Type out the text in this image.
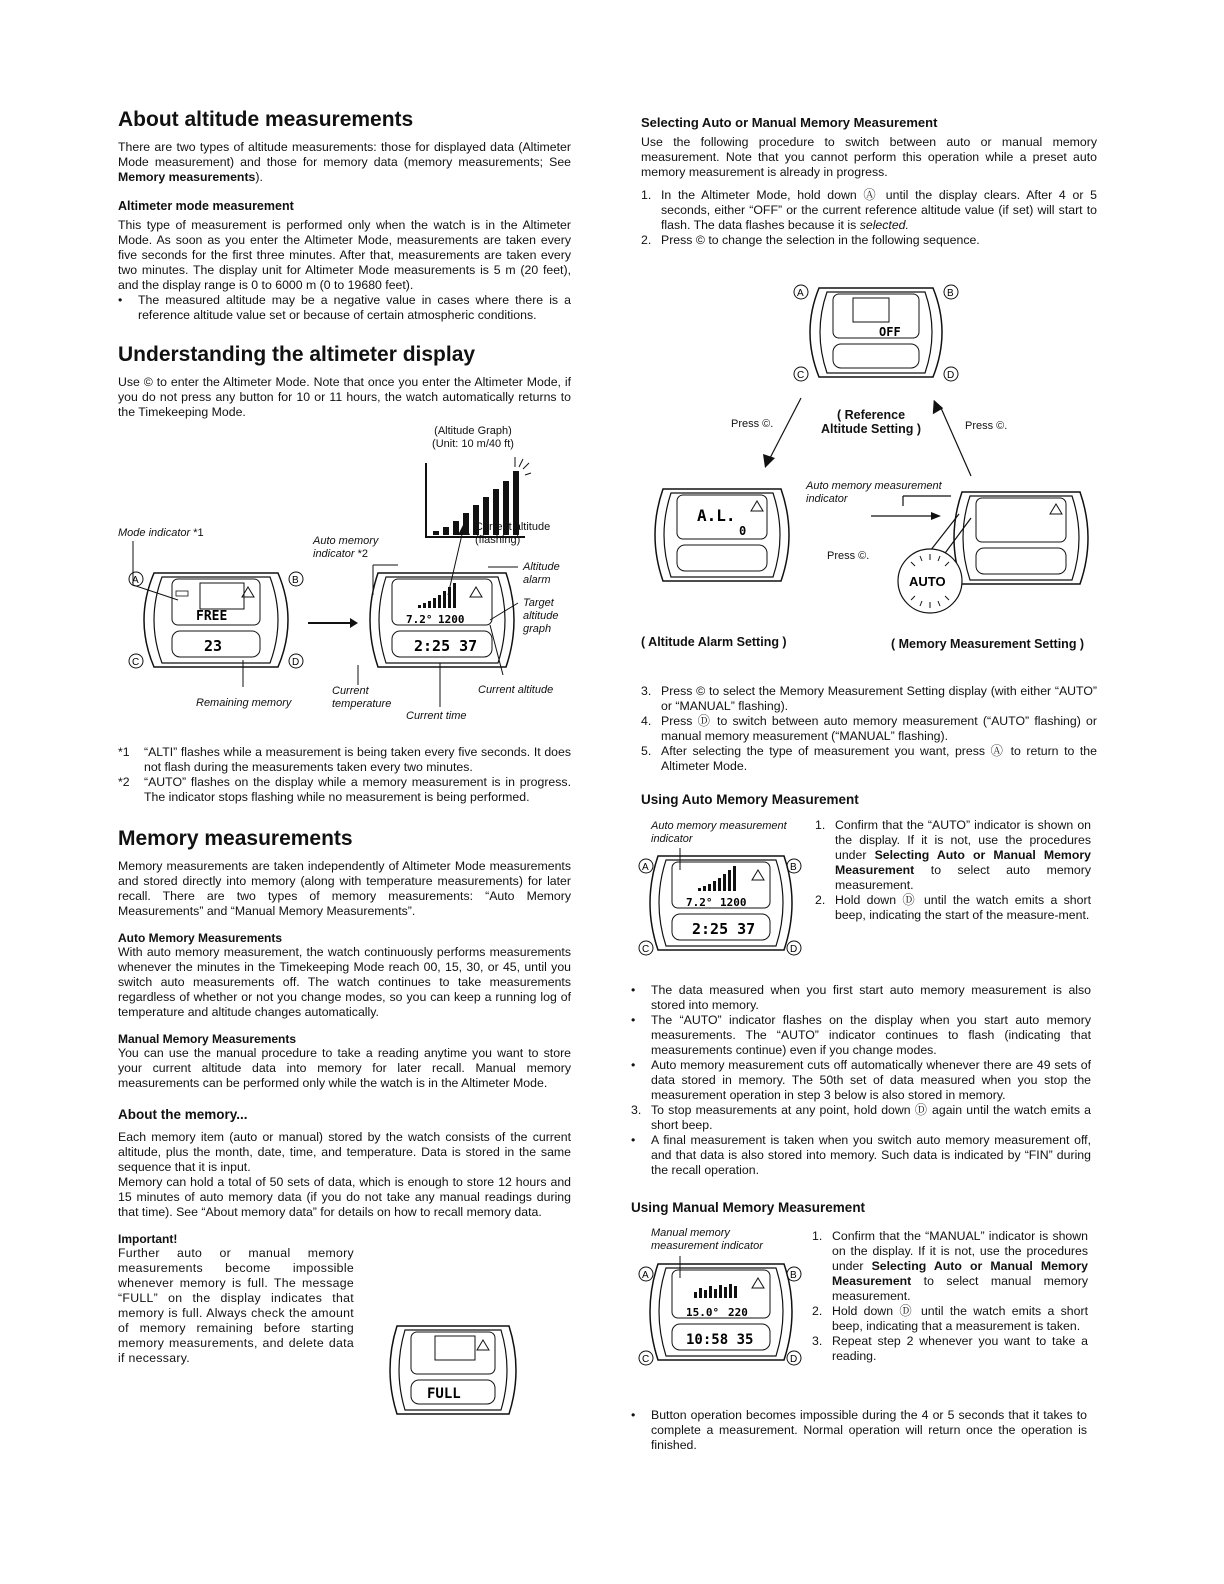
About altitude measurements

There are two types of altitude measurements: those for displayed data (Altimeter Mode measurement) and those for memory data (memory measurements; See Memory measurements).

Altimeter mode measurement

This type of measurement is performed only when the watch is in the Altimeter Mode. As soon as you enter the Altimeter Mode, measurements are taken every five seconds for the first three minutes. After that, measurements are taken every two minutes. The display unit for Altimeter Mode measurements is 5 m (20 feet), and the display range is 0 to 6000 m (0 to 19680 feet).

•	The measured altitude may be a negative value in cases where there is a reference altitude value set or because of certain atmospheric conditions.
Understanding the altimeter display

Use © to enter the Altimeter Mode. Note that once you enter the Altimeter Mode, if you do not press any button for 10 or 11 hours, the watch automatically returns to the Timekeeping Mode.

(Altitude Graph)
(Unit: 10 m/40 ft)
Mode indicator *1
Auto memory
indicator *2
Current altitude
(flashing)
Altitude
alarm
Target
altitude
graph
FREE
23
A	B
C	D
7.2° 1200
2:25 37
Remaining memory
Current
temperature
Current time
Current altitude
*1	“ALTI” flashes while a measurement is being taken every five seconds. It does not flash during the measurements taken every two minutes.
*2	“AUTO” flashes on the display while a memory measurement is in progress. The indicator stops flashing while no measurement is being performed.
Memory measurements

Memory measurements are taken independently of Altimeter Mode measurements and stored directly into memory (along with temperature measurements) for later recall. There are two types of memory measurements: “Auto Memory Measurements” and “Manual Memory Measurements”.

Auto Memory Measurements

With auto memory measurement, the watch continuously performs measurements whenever the minutes in the Timekeeping Mode reach 00, 15, 30, or 45, until you switch auto measurements off. The watch continues to take measurements regardless of whether or not you change modes, so you can keep a running log of temperature and altitude changes automatically.

Manual Memory Measurements

You can use the manual procedure to take a reading anytime you want to store your current altitude data into memory for later recall. Manual memory measurements can be performed only while the watch is in the Altimeter Mode.

About the memory...

Each memory item (auto or manual) stored by the watch consists of the current altitude, plus the month, date, time, and temperature. Data is stored in the same sequence that it is input.

Memory can hold a total of 50 sets of data, which is enough to store 12 hours and 15 minutes of auto memory data (if you do not take any manual readings during that time). See “About memory data” for details on how to recall memory data.

Important!

Further auto or manual memory measurements become impossible whenever memory is full. The message “FULL” on the display indicates that memory is full. Always check the amount of memory remaining before starting memory measurements, and delete data if necessary.

FULL
Selecting Auto or Manual Memory Measurement

Use the following procedure to switch between auto or manual memory measurement. Note that you cannot perform this operation while a preset auto memory measurement is already in progress.

1. In the Altimeter Mode, hold down Ⓐ until the display clears. After 4 or 5 seconds, either “OFF” or the current reference altitude value (if set) will start to flash. The data flashes because it is selected.
2. Press © to change the selection in the following sequence.
OFF
A	B
C	D
Press ©.
( Reference
Altitude Setting )	Press ©.
Auto memory measurement
indicator
A.L.
0
Press ©.
AUTO
( Altitude Alarm Setting )	( Memory Measurement Setting )
3. Press © to select the Memory Measurement Setting display (with either “AUTO” or “MANUAL” flashing).
4. Press Ⓓ to switch between auto memory measurement (“AUTO” flashing) or manual memory measurement (“MANUAL” flashing).
5. After selecting the type of measurement you want, press Ⓐ to return to the Altimeter Mode.
Using Auto Memory Measurement
Auto memory measurement
indicator
7.2° 1200
2:25 37
A	B
C	D
1. Confirm that the “AUTO” indicator is shown on the display. If it is not, use the procedures under Selecting Auto or Manual Memory Measurement to select auto memory measurement.
2. Hold down Ⓓ until the watch emits a short beep, indicating the start of the measure-ment.
•	The data measured when you first start auto memory measurement is also stored into memory.
•	The “AUTO” indicator flashes on the display when you start auto memory measurements. The “AUTO” indicator continues to flash (indicating that measurements continue) even if you change modes.
•	Auto memory measurement cuts off automatically whenever there are 49 sets of data stored in memory. The 50th set of data measured when you stop the measurement operation in step 3 below is also stored in memory.
3. To stop measurements at any point, hold down Ⓓ again until the watch emits a short beep.
•	A final measurement is taken when you switch auto memory measurement off, and that data is also stored into memory. Such data is indicated by “FIN” during the recall operation.
Using Manual Memory Measurement
Manual memory
measurement indicator
15.0° 220
10:58 35
A	B
C	D
1. Confirm that the “MANUAL” indicator is shown on the display. If it is not, use the procedures under Selecting Auto or Manual Memory Measurement to select manual memory measurement.
2. Hold down Ⓓ until the watch emits a short beep, indicating that a measurement is taken.
3. Repeat step 2 whenever you want to take a reading.
•	Button operation becomes impossible during the 4 or 5 seconds that it takes to complete a measurement. Normal operation will return once the operation is finished.
